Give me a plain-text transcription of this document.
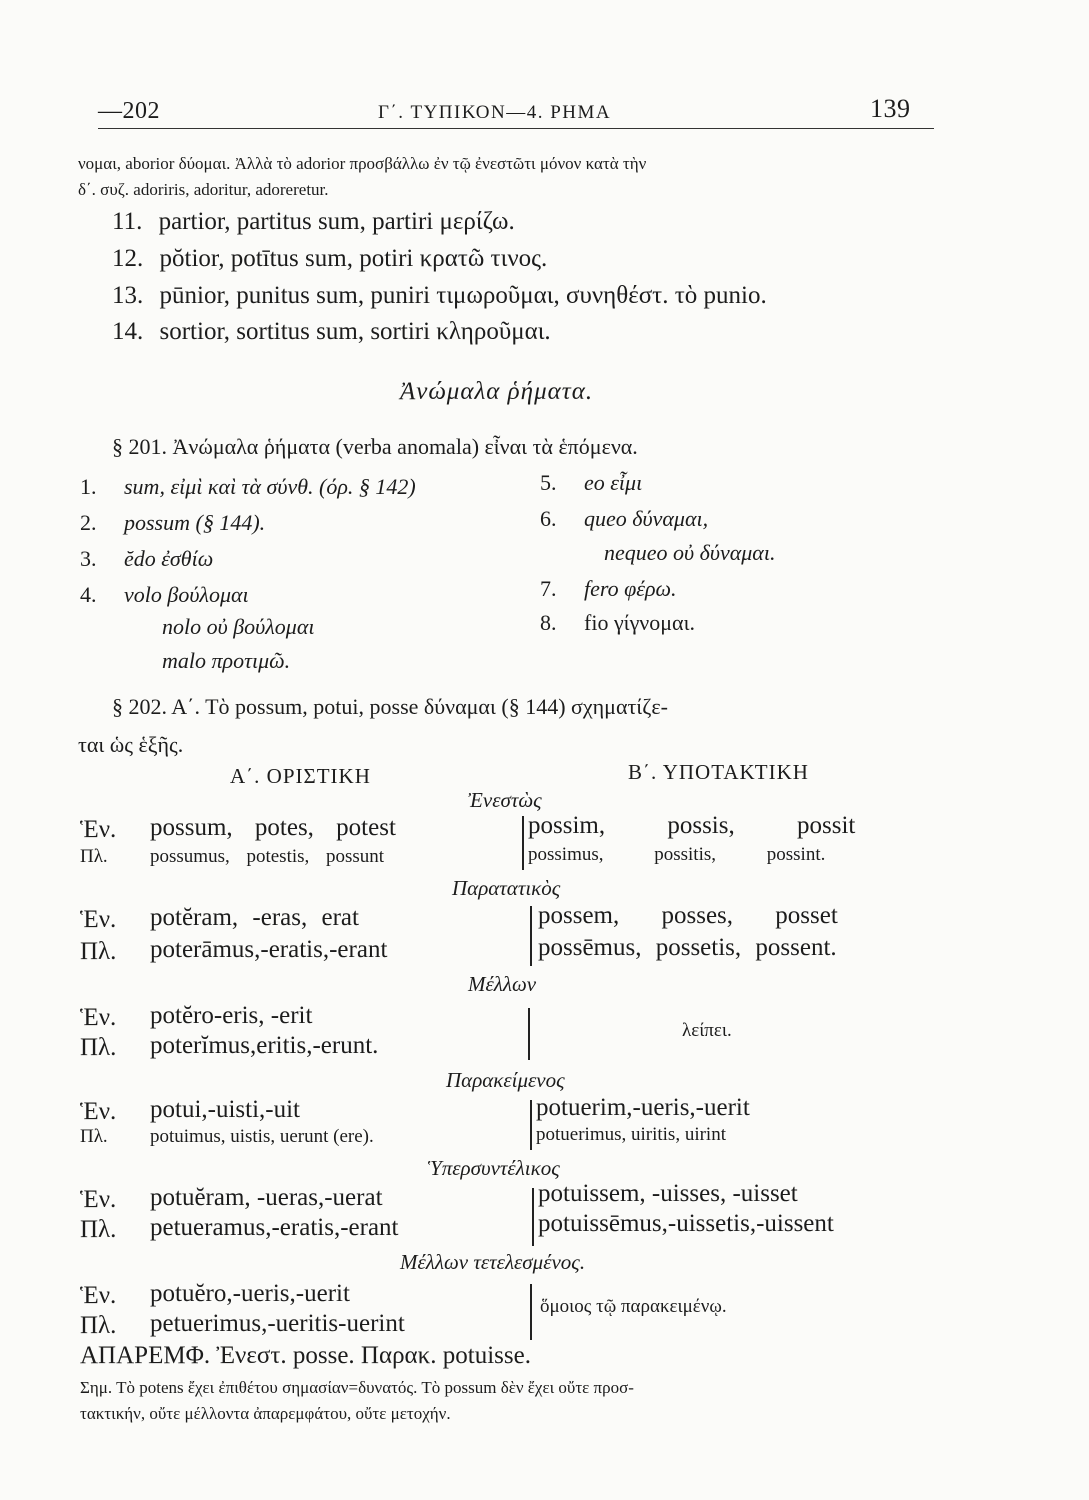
—202	Γ΄. ΤΥΠΙΚΟΝ—4. ΡΗΜΑ	139
νομαι, aborior δύομαι. Ἀλλὰ τὸ adorior προσβάλλω ἐν τῷ ἐνεστῶτι μόνον κατὰ τὴν
δ΄. συζ. adoriris, adoritur, adoreretur.
11. partior, partitus sum, partiri μερίζω.
12. pŏtior, potītus sum, potiri κρατῶ τινος.
13. pūnior, punitus sum, puniri τιμωροῦμαι, συνηθέστ. τὸ punio.
14. sortior, sortitus sum, sortiri κληροῦμαι.
Ἀνώμαλα ῥήματα.
§ 201. Ἀνώμαλα ῥήματα (verba anomala) εἶναι τὰ ἑπόμενα.
1. sum, εἰμὶ καὶ τὰ σύνθ. (όρ. § 142)
2. possum (§ 144).
3. ĕdo ἐσθίω
4. volo βούλομαι
nolo οὐ βούλομαι
malo προτιμῶ.
5. eo εἶμι
6. queo δύναμαι,
nequeo οὐ δύναμαι.
7. fero φέρω.
8. fio γίγνομαι.
§ 202. Α΄. Τὸ possum, potui, posse δύναμαι (§ 144) σχηματίζε-
ται ὡς ἑξῆς.
Α΄. ΟΡΙΣΤΙΚΗ	Β΄. ΥΠΟΤΑΚΤΙΚΗ
Ἐνεστὼς
Ἑν. possum, potes, potest	possim, possis, possit
Πλ. possumus, potestis, possunt	possimus, possitis, possint.
Παρατατικὸς
Ἑν. potĕram, -eras, erat	possem, posses, posset
Πλ. poterāmus,-eratis,-erant	possēmus, possetis, possent.
Μέλλων
Ἑν. potĕro-eris, -erit
Πλ. poterĭmus,eritis,-erunt.
λείπει.
Παρακείμενος
Ἑν. potui,-uisti,-uit	potuerim,-ueris,-uerit
Πλ. potuimus, uistis, uerunt (ere).	potuerimus, uiritis, uirint
Ὑπερσυντέλικος
Ἑν. potuĕram, -ueras,-uerat	potuissem, -uisses, -uisset
Πλ. petueramus,-eratis,-erant	potuissēmus,-uissetis,-uissent
Μέλλων τετελεσμένος.
Ἑν. potuĕro,-ueris,-uerit
Πλ. petuerimus,-ueritis-uerint
ὅμοιος τῷ παρακειμένῳ.
ΑΠΑΡΕΜΦ. Ἐνεστ. posse. Παρακ. potuisse.
Σημ. Τὸ potens ἔχει ἐπιθέτου σημασίαν=δυνατός. Τὸ possum δὲν ἔχει οὔτε προσ-
τακτικήν, οὔτε μέλλοντα ἀπαρεμφάτου, οὔτε μετοχήν.
